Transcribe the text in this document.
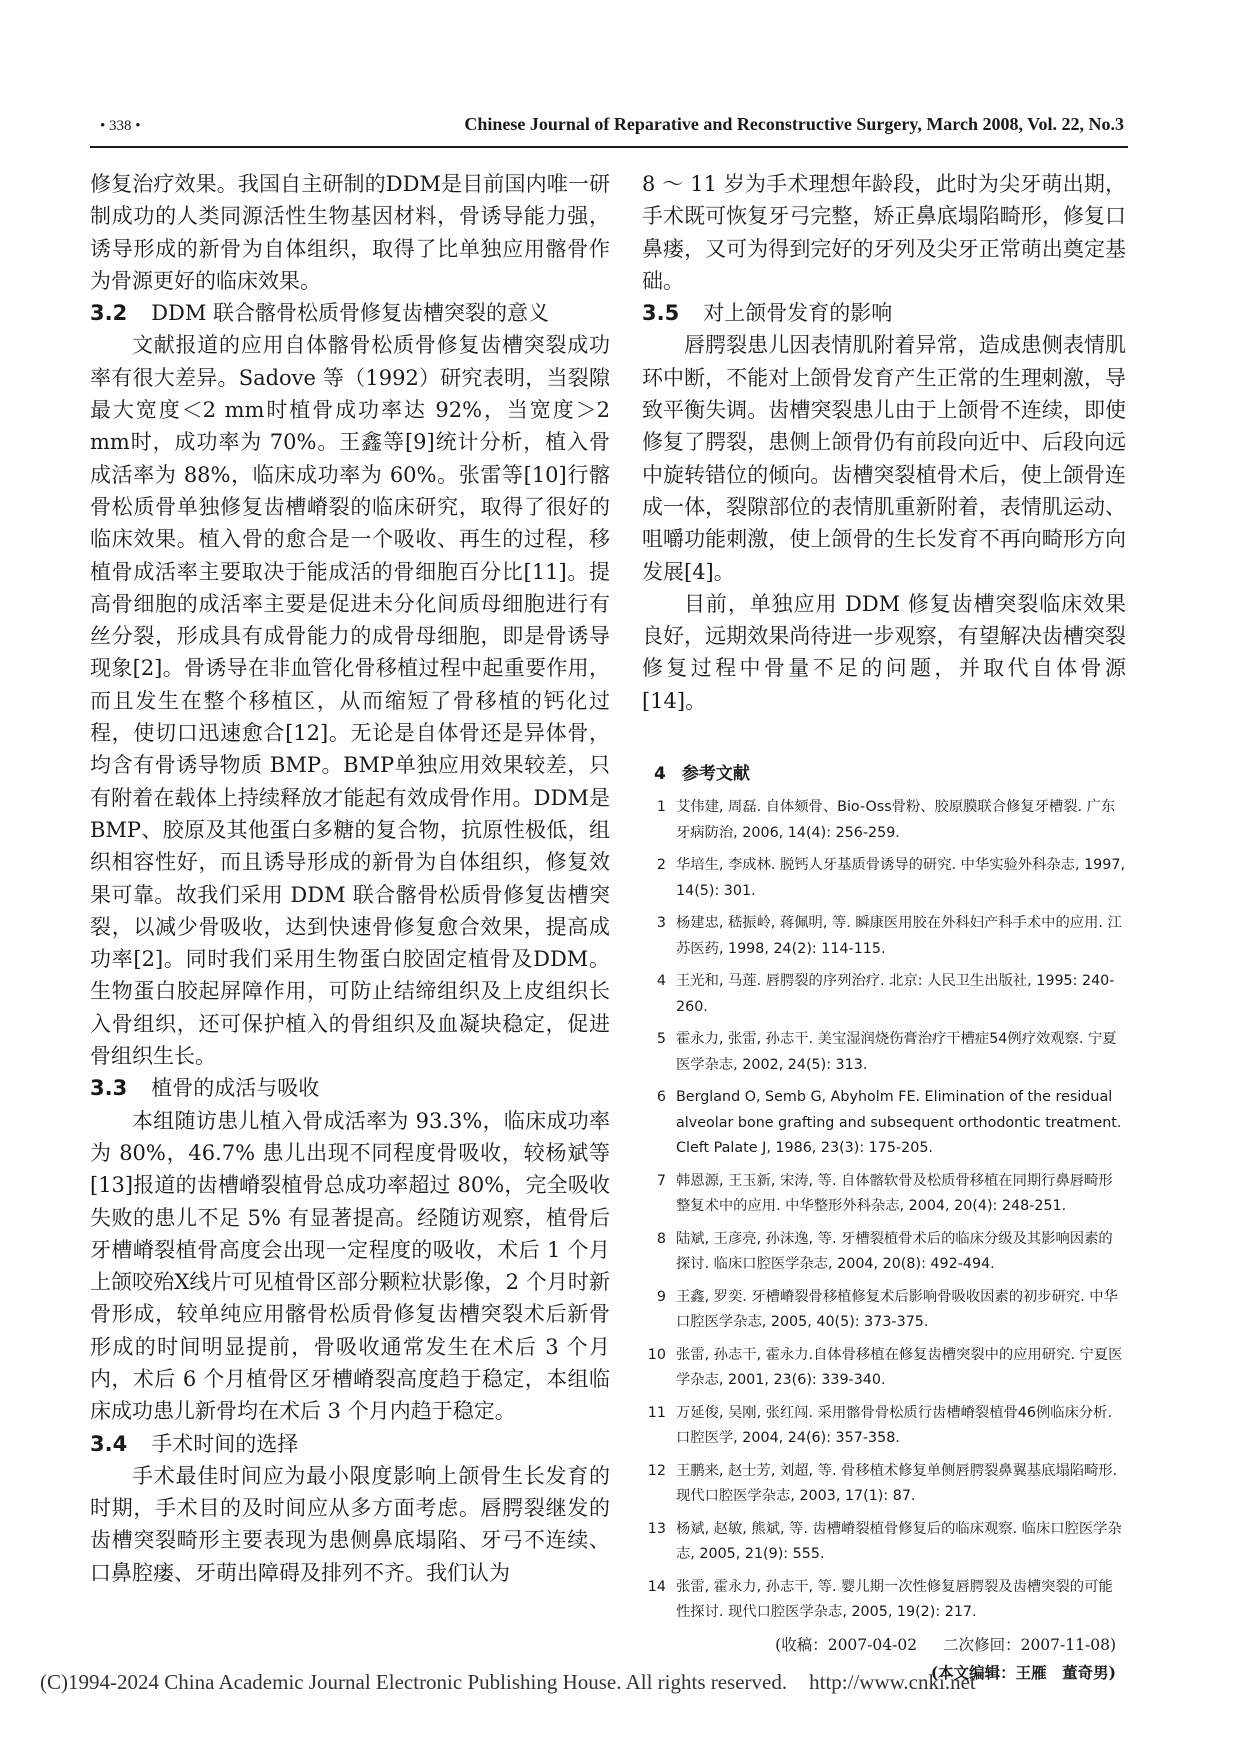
• 338 •	Chinese Journal of Reparative and Reconstructive Surgery, March 2008, Vol. 22, No.3

修复治疗效果。我国自主研制的DDM是目前国内唯一研制成功的人类同源活性生物基因材料，骨诱导能力强，诱导形成的新骨为自体组织，取得了比单独应用髂骨作为骨源更好的临床效果。

3.2 DDM 联合髂骨松质骨修复齿槽突裂的意义

文献报道的应用自体髂骨松质骨修复齿槽突裂成功率有很大差异。Sadove 等（1992）研究表明，当裂隙最大宽度＜2 mm时植骨成功率达 92%，当宽度＞2 mm时，成功率为 70%。王鑫等[9]统计分析，植入骨成活率为 88%，临床成功率为 60%。张雷等[10]行髂骨松质骨单独修复齿槽嵴裂的临床研究，取得了很好的临床效果。植入骨的愈合是一个吸收、再生的过程，移植骨成活率主要取决于能成活的骨细胞百分比[11]。提高骨细胞的成活率主要是促进未分化间质母细胞进行有丝分裂，形成具有成骨能力的成骨母细胞，即是骨诱导现象[2]。骨诱导在非血管化骨移植过程中起重要作用，而且发生在整个移植区，从而缩短了骨移植的钙化过程，使切口迅速愈合[12]。无论是自体骨还是异体骨，均含有骨诱导物质 BMP。BMP单独应用效果较差，只有附着在载体上持续释放才能起有效成骨作用。DDM是BMP、胶原及其他蛋白多糖的复合物，抗原性极低，组织相容性好，而且诱导形成的新骨为自体组织，修复效果可靠。故我们采用 DDM 联合髂骨松质骨修复齿槽突裂，以减少骨吸收，达到快速骨修复愈合效果，提高成功率[2]。同时我们采用生物蛋白胶固定植骨及DDM。生物蛋白胶起屏障作用，可防止结缔组织及上皮组织长入骨组织，还可保护植入的骨组织及血凝块稳定，促进骨组织生长。

3.3 植骨的成活与吸收

本组随访患儿植入骨成活率为 93.3%，临床成功率为 80%，46.7% 患儿出现不同程度骨吸收，较杨斌等[13]报道的齿槽嵴裂植骨总成功率超过 80%，完全吸收失败的患儿不足 5% 有显著提高。经随访观察，植骨后牙槽嵴裂植骨高度会出现一定程度的吸收，术后 1 个月上颌咬殆X线片可见植骨区部分颗粒状影像，2 个月时新骨形成，较单纯应用髂骨松质骨修复齿槽突裂术后新骨形成的时间明显提前，骨吸收通常发生在术后 3 个月内，术后 6 个月植骨区牙槽嵴裂高度趋于稳定，本组临床成功患儿新骨均在术后 3 个月内趋于稳定。

3.4 手术时间的选择

手术最佳时间应为最小限度影响上颌骨生长发育的时期，手术目的及时间应从多方面考虑。唇腭裂继发的齿槽突裂畸形主要表现为患侧鼻底塌陷、牙弓不连续、口鼻腔瘘、牙萌出障碍及排列不齐。我们认为

8 ～ 11 岁为手术理想年龄段，此时为尖牙萌出期，手术既可恢复牙弓完整，矫正鼻底塌陷畸形，修复口鼻瘘，又可为得到完好的牙列及尖牙正常萌出奠定基础。

3.5 对上颌骨发育的影响

唇腭裂患儿因表情肌附着异常，造成患侧表情肌环中断，不能对上颌骨发育产生正常的生理刺激，导致平衡失调。齿槽突裂患儿由于上颌骨不连续，即使修复了腭裂，患侧上颌骨仍有前段向近中、后段向远中旋转错位的倾向。齿槽突裂植骨术后，使上颌骨连成一体，裂隙部位的表情肌重新附着，表情肌运动、咀嚼功能刺激，使上颌骨的生长发育不再向畸形方向发展[4]。

目前，单独应用 DDM 修复齿槽突裂临床效果良好，远期效果尚待进一步观察，有望解决齿槽突裂修复过程中骨量不足的问题，并取代自体骨源[14]。

4 参考文献
1 艾伟建, 周磊. 自体颏骨、Bio-Oss骨粉、胶原膜联合修复牙槽裂. 广东牙病防治, 2006, 14(4): 256-259.
2 华培生, 李成林. 脱钙人牙基质骨诱导的研究. 中华实验外科杂志, 1997, 14(5): 301.
3 杨建忠, 嵇振岭, 蒋佩明, 等. 瞬康医用胶在外科妇产科手术中的应用. 江苏医药, 1998, 24(2): 114-115.
4 王光和, 马莲. 唇腭裂的序列治疗. 北京: 人民卫生出版社, 1995: 240-260.
5 霍永力, 张雷, 孙志干. 美宝湿润烧伤膏治疗干槽症54例疗效观察. 宁夏医学杂志, 2002, 24(5): 313.
6 Bergland O, Semb G, Abyholm FE. Elimination of the residual alveolar bone grafting and subsequent orthodontic treatment. Cleft Palate J, 1986, 23(3): 175-205.
7 韩恩源, 王玉新, 宋涛, 等. 自体髂软骨及松质骨移植在同期行鼻唇畸形整复术中的应用. 中华整形外科杂志, 2004, 20(4): 248-251.
8 陆斌, 王彦亮, 孙沫逸, 等. 牙槽裂植骨术后的临床分级及其影响因素的探讨. 临床口腔医学杂志, 2004, 20(8): 492-494.
9 王鑫, 罗奕. 牙槽嵴裂骨移植修复术后影响骨吸收因素的初步研究. 中华口腔医学杂志, 2005, 40(5): 373-375.
10 张雷, 孙志干, 霍永力.自体骨移植在修复齿槽突裂中的应用研究. 宁夏医学杂志, 2001, 23(6): 339-340.
11 万延俊, 吴刚, 张红闯. 采用髂骨骨松质行齿槽嵴裂植骨46例临床分析. 口腔医学, 2004, 24(6): 357-358.
12 王鹏来, 赵士芳, 刘超, 等. 骨移植术修复单侧唇腭裂鼻翼基底塌陷畸形. 现代口腔医学杂志, 2003, 17(1): 87.
13 杨斌, 赵敏, 熊斌, 等. 齿槽嵴裂植骨修复后的临床观察. 临床口腔医学杂志, 2005, 21(9): 555.
14 张雷, 霍永力, 孙志干, 等. 婴儿期一次性修复唇腭裂及齿槽突裂的可能性探讨. 现代口腔医学杂志, 2005, 19(2): 217.
(收稿：2007-04-02 二次修回：2007-11-08)
(本文编辑：王雁　董奇男)
(C)1994-2024 China Academic Journal Electronic Publishing House. All rights reserved. http://www.cnki.net
